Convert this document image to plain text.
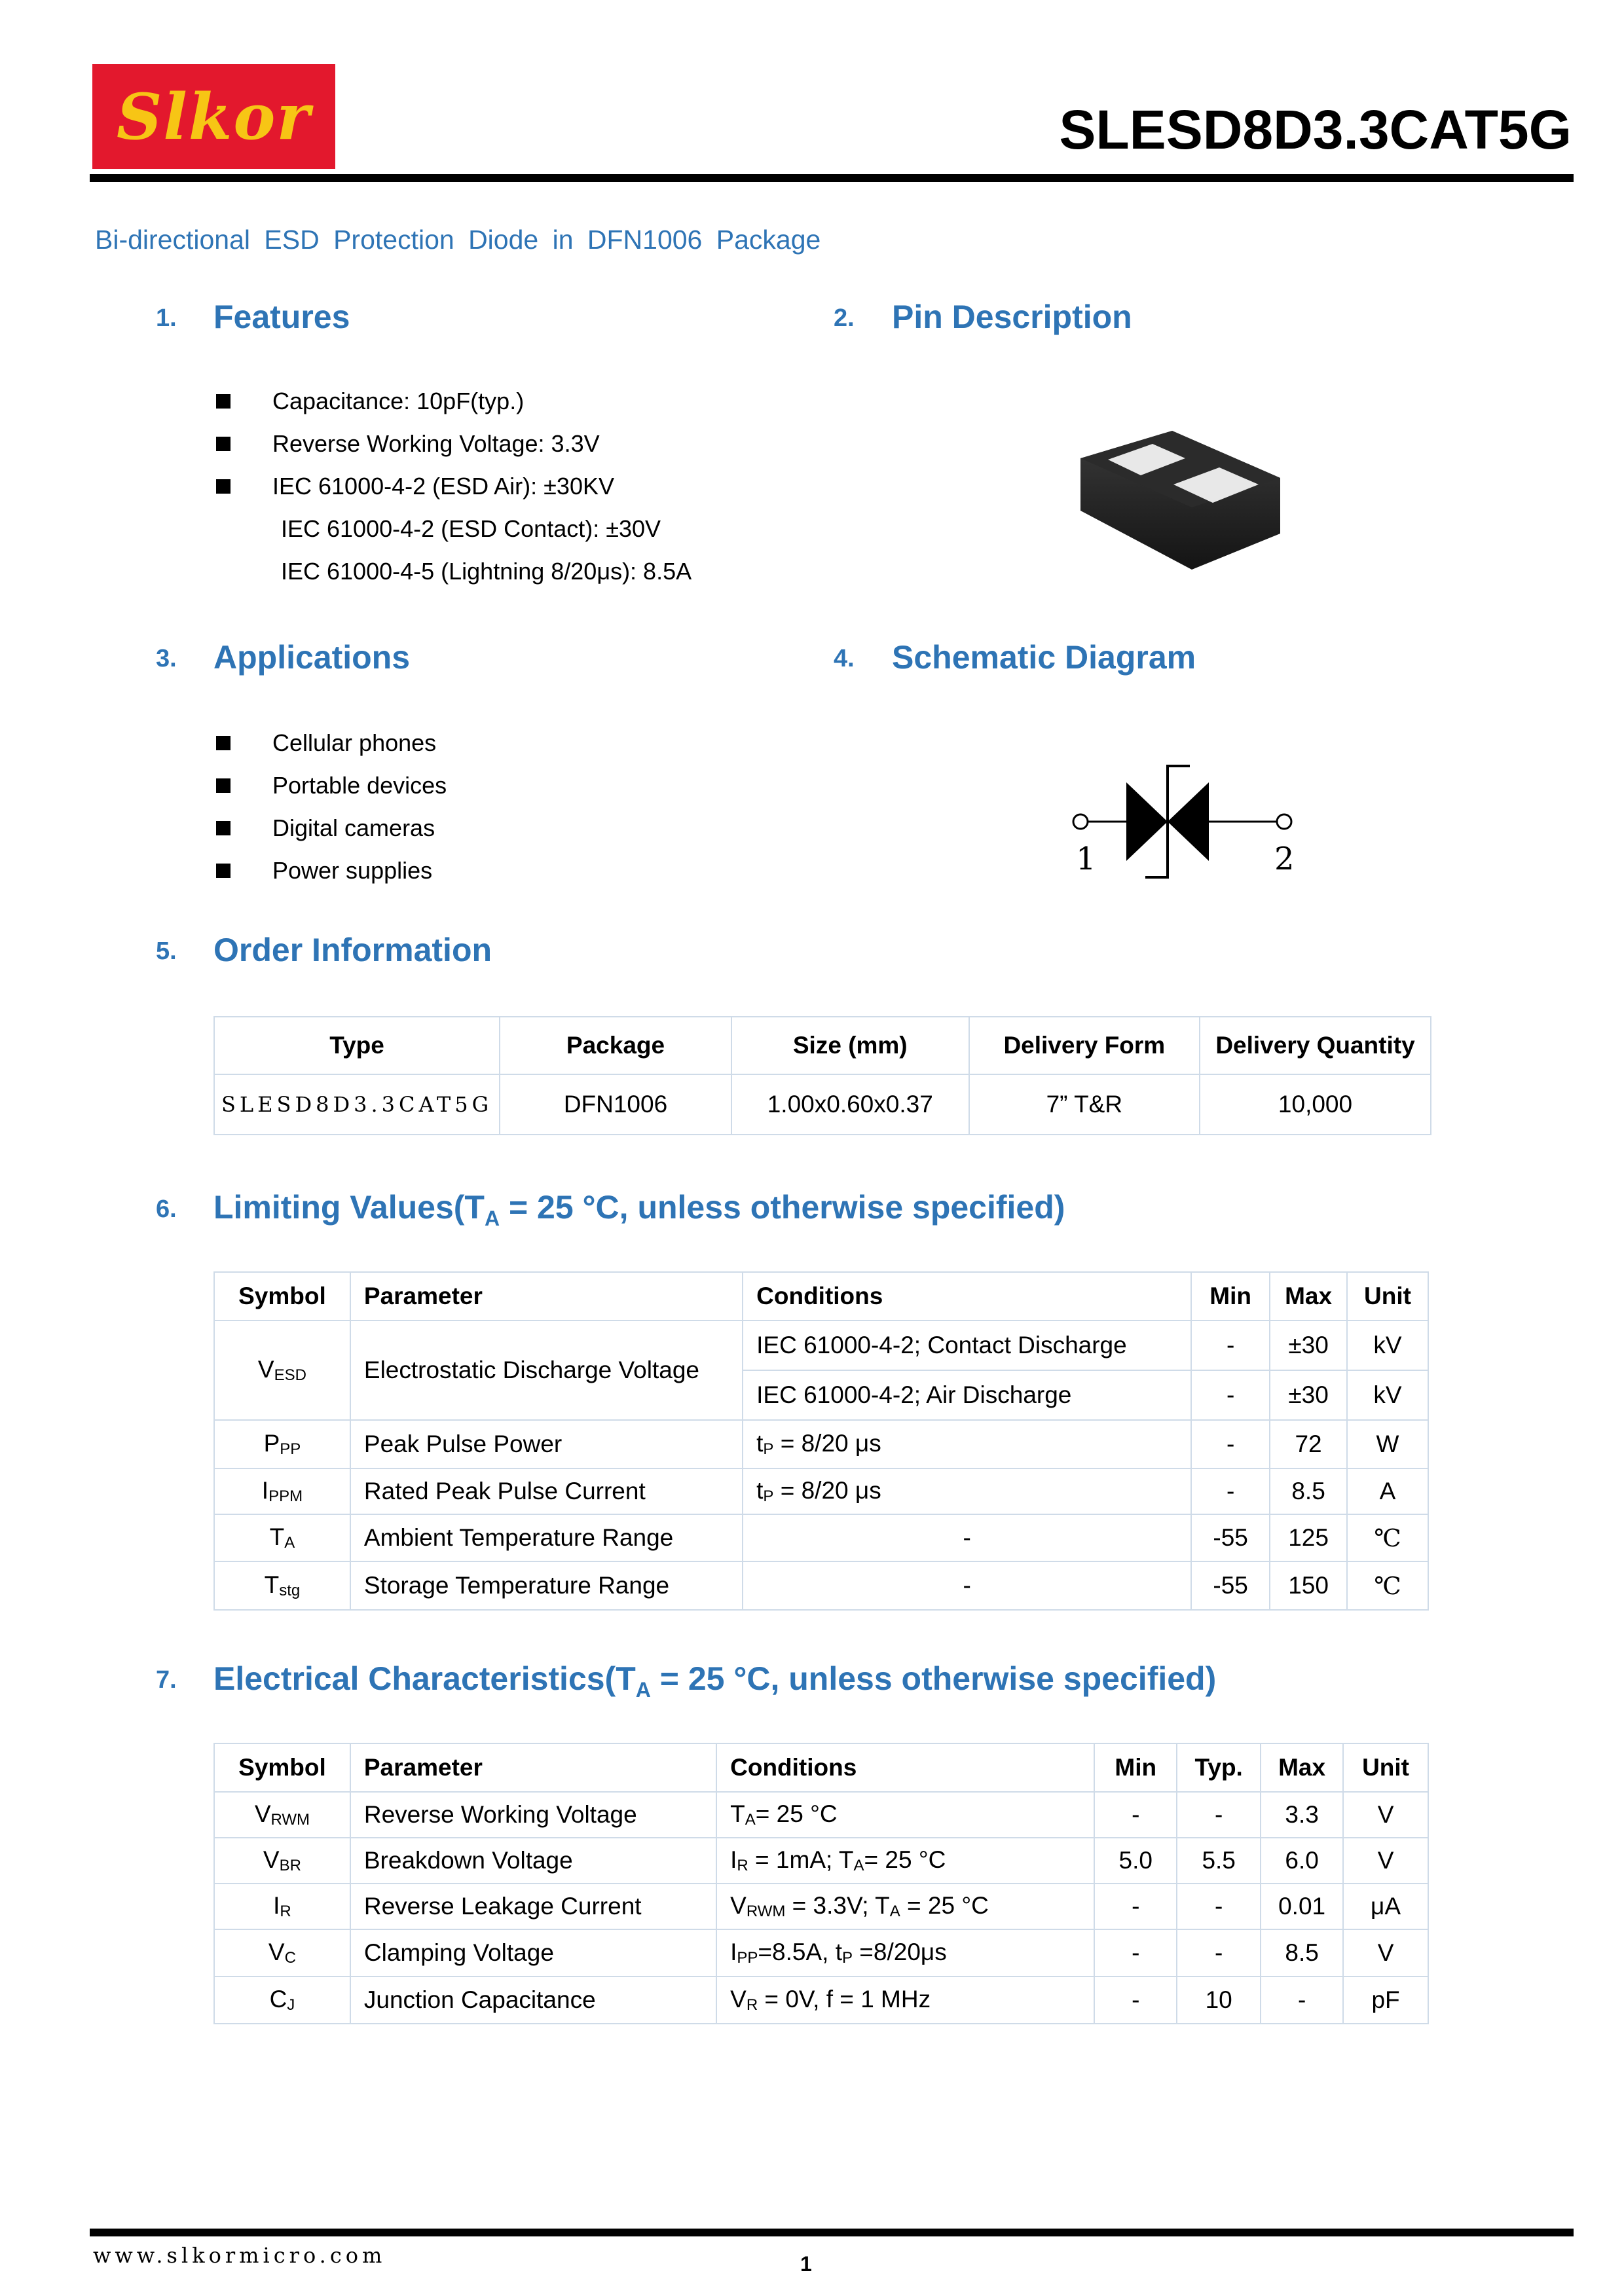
Slkor	SLESD8D3.3CAT5G
Bi-directional ESD Protection Diode in DFN1006 Package
1. Features
Capacitance: 10pF(typ.)
Reverse Working Voltage: 3.3V
IEC 61000-4-2 (ESD Air): ±30KV
IEC 61000-4-2 (ESD Contact): ±30V
IEC 61000-4-5 (Lightning 8/20μs): 8.5A
2. Pin Description
3. Applications
Cellular phones
Portable devices
Digital cameras
Power supplies
4. Schematic Diagram
1	2
5. Order Information
Type	Package	Size (mm)	Delivery Form	Delivery Quantity
SLESD8D3.3CAT5G	DFN1006	1.00x0.60x0.37	7” T&R	10,000
6. Limiting $Values(T_A = 25$ °C, unless otherwise specified)
Symbol	Parameter	Conditions	Min	Max	Unit
$V_{ESD}$	Electrostatic Discharge Voltage	IEC 61000-4-2; Contact Discharge	-	±30	kV
		IEC 61000-4-2; Air Discharge	-	±30	kV
$P_{PP}$	Peak Pulse Power	$t_P = 8/20$ μs	-	72	W
$I_{PPM}$	Rated Peak Pulse Current	$t_P = 8/20$ μs	-	8.5	A
$T_A$	Ambient Temperature Range	-	-55	125	℃
$T_{stg}$	Storage Temperature Range	-	-55	150	℃
7. Electrical $Characteristics(T_A = 25$ °C, unless otherwise specified)
Symbol	Parameter	Conditions	Min	Typ.	Max	Unit
$V_{RWM}$	Reverse Working Voltage	$T_A= 25$ °C	-	-	3.3	V
$V_{BR}$	Breakdown Voltage	$I_R = 1mA$; $T_A= 25$ °C	5.0	5.5	6.0	V
$I_R$	Reverse Leakage Current	$V_{RWM} = 3.3V$; $T_A = 25$ °C	-	-	0.01	μA
$V_C$	Clamping Voltage	$I_{PP}=8.5A$, $t_P =8/20\mu s$	-	-	8.5	V
$C_J$	Junction Capacitance	$V_R = 0V$, f = 1 MHz	-	10	-	pF
www.slkormicro.com	1
